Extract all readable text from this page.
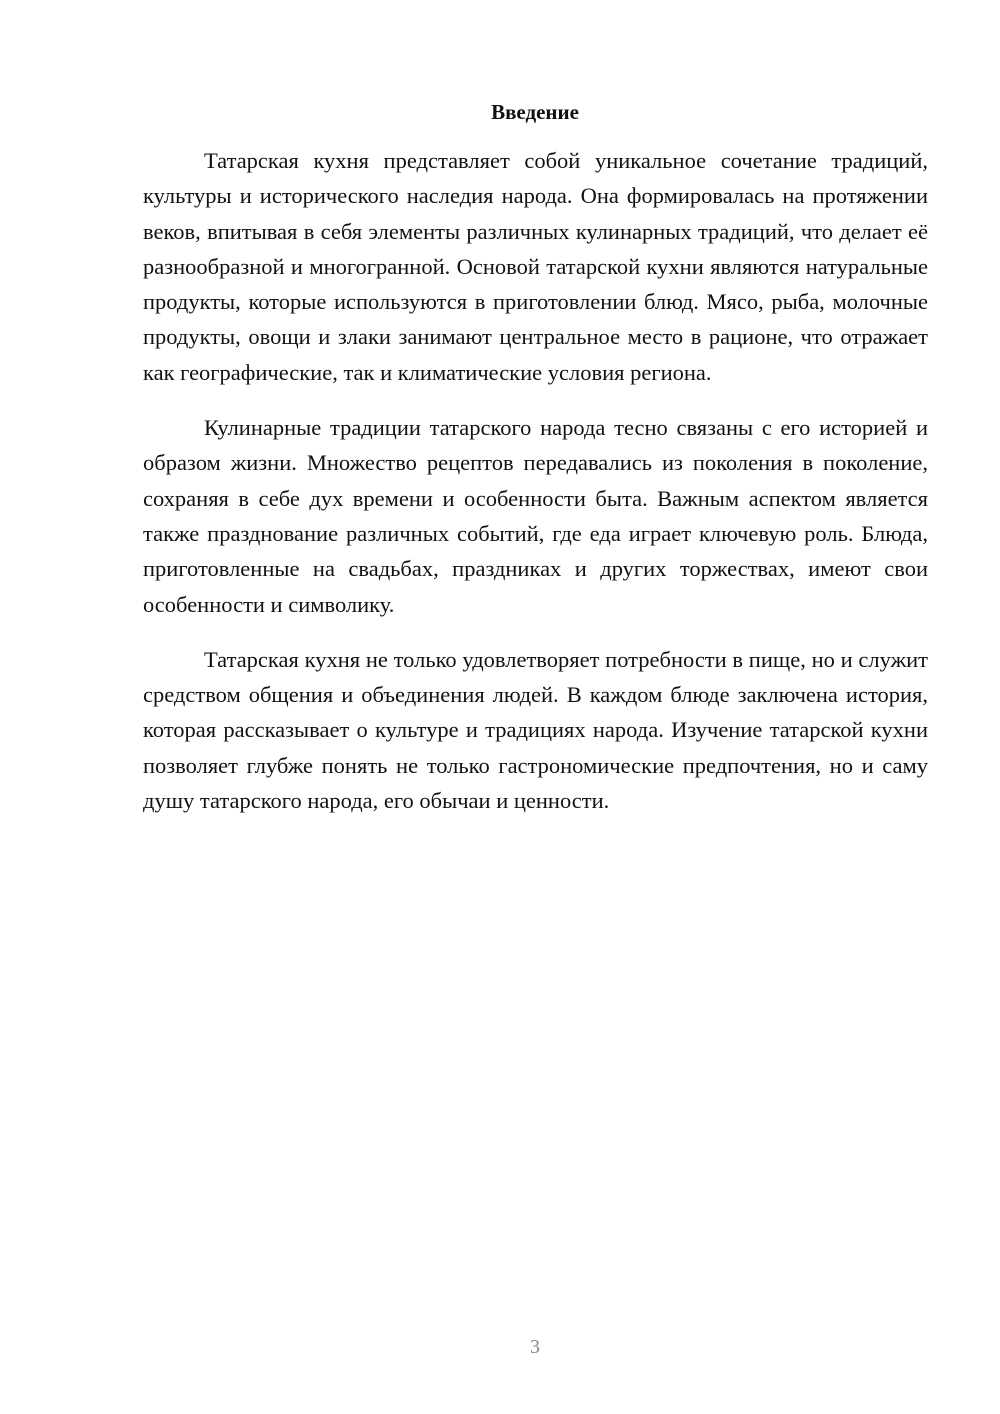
Введение

Татарская кухня представляет собой уникальное сочетание традиций, культуры и исторического наследия народа. Она формировалась на протяжении веков, впитывая в себя элементы различных кулинарных традиций, что делает её разнообразной и многогранной. Основой татарской кухни являются натуральные продукты, которые используются в приготовлении блюд. Мясо, рыба, молочные продукты, овощи и злаки занимают центральное место в рационе, что отражает как географические, так и климатические условия региона.

Кулинарные традиции татарского народа тесно связаны с его историей и образом жизни. Множество рецептов передавались из поколения в поколение, сохраняя в себе дух времени и особенности быта. Важным аспектом является также празднование различных событий, где еда играет ключевую роль. Блюда, приготовленные на свадьбах, праздниках и других торжествах, имеют свои особенности и символику.

Татарская кухня не только удовлетворяет потребности в пище, но и служит средством общения и объединения людей. В каждом блюде заключена история, которая рассказывает о культуре и традициях народа. Изучение татарской кухни позволяет глубже понять не только гастрономические предпочтения, но и саму душу татарского народа, его обычаи и ценности.

3
